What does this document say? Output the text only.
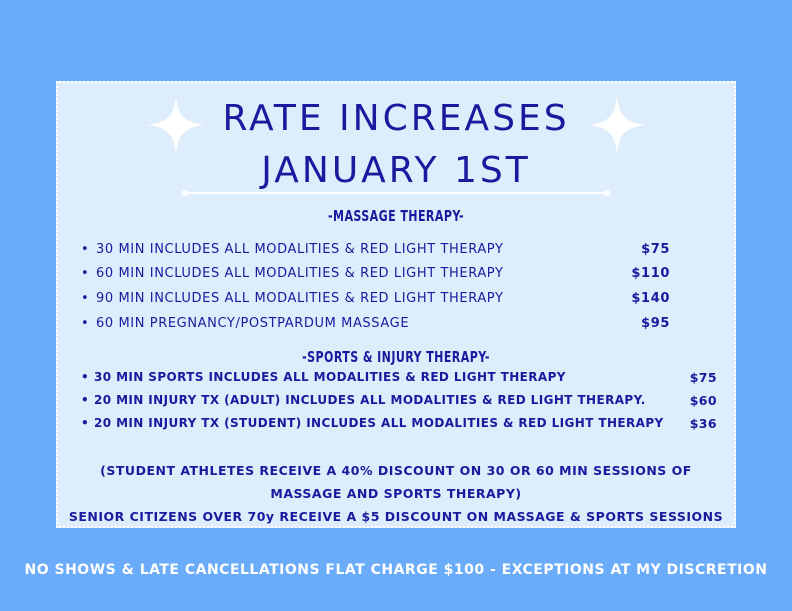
RATE INCREASES
JANUARY 1ST
-MASSAGE THERAPY-
• 30 MIN INCLUDES ALL MODALITIES & RED LIGHT THERAPY	$75
• 60 MIN INCLUDES ALL MODALITIES & RED LIGHT THERAPY	$110
• 90 MIN INCLUDES ALL MODALITIES & RED LIGHT THERAPY	$140
• 60 MIN PREGNANCY/POSTPARDUM MASSAGE	$95
-SPORTS & INJURY THERAPY-
• 30 MIN SPORTS INCLUDES ALL MODALITIES & RED LIGHT THERAPY	$75
• 20 MIN INJURY TX (ADULT) INCLUDES ALL MODALITIES & RED LIGHT THERAPY.	$60
• 20 MIN INJURY TX (STUDENT) INCLUDES ALL MODALITIES & RED LIGHT THERAPY $36
(STUDENT ATHLETES RECEIVE A 40% DISCOUNT ON 30 OR 60 MIN SESSIONS OF
MASSAGE AND SPORTS THERAPY)
SENIOR CITIZENS OVER 70y RECEIVE A $5 DISCOUNT ON MASSAGE & SPORTS SESSIONS
NO SHOWS & LATE CANCELLATIONS FLAT CHARGE $100 - EXCEPTIONS AT MY DISCRETION
